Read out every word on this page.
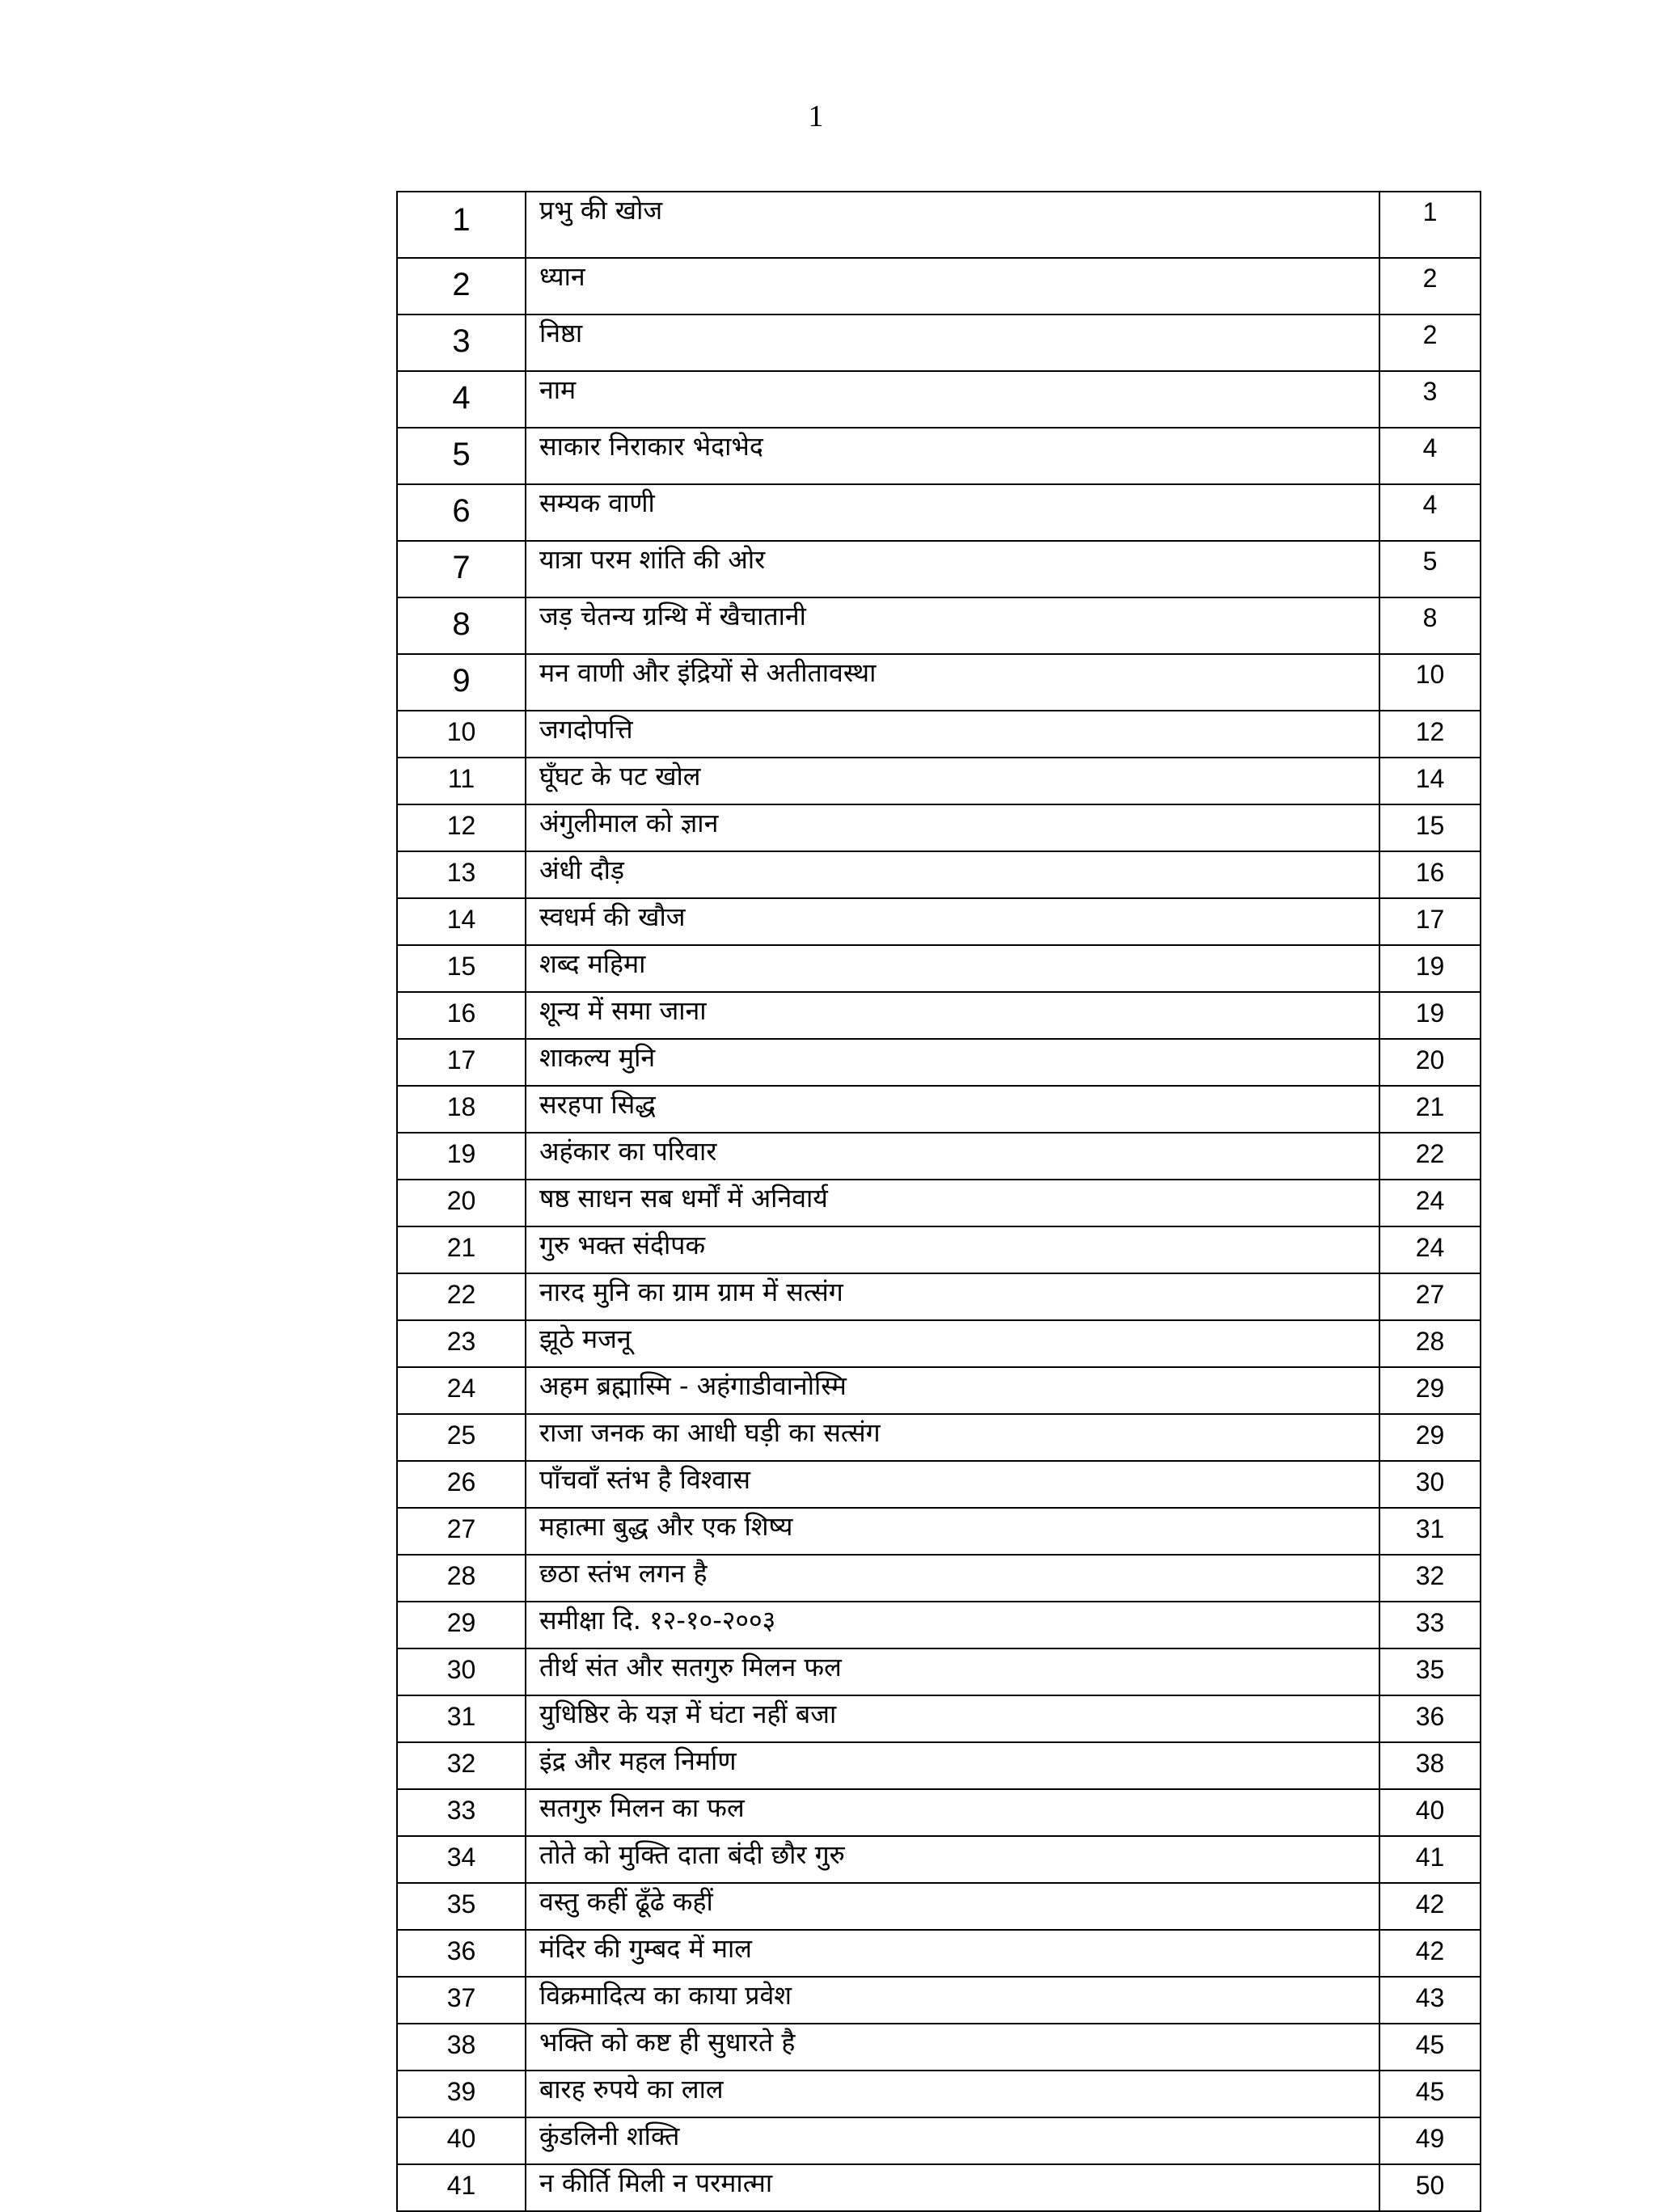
1
1	प्रभु की खोज	1
2	ध्यान	2
3	निष्ठा	2
4	नाम	3
5	साकार निराकार भेदाभेद	4
6	सम्यक वाणी	4
7	यात्रा परम शांति की ओर	5
8	जड़ चेतन्य ग्रन्थि में खैचातानी	8
9	मन वाणी और इंद्रियों से अतीतावस्था	10
10	जगदोपत्ति	12
11	घूँघट के पट खोल	14
12	अंगुलीमाल को ज्ञान	15
13	अंधी दौड़	16
14	स्वधर्म की खौज	17
15	शब्द महिमा	19
16	शून्य में समा जाना	19
17	शाकल्य मुनि	20
18	सरहपा सिद्ध	21
19	अहंकार का परिवार	22
20	षष्ठ साधन सब धर्मों में अनिवार्य	24
21	गुरु भक्त संदीपक	24
22	नारद मुनि का ग्राम ग्राम में सत्संग	27
23	झूठे मजनू	28
24	अहम ब्रह्मास्मि - अहंगाडीवानोस्मि	29
25	राजा जनक का आधी घड़ी का सत्संग	29
26	पाँचवाँ स्तंभ है विश्वास	30
27	महात्मा बुद्ध और एक शिष्य	31
28	छठा स्तंभ लगन है	32
29	समीक्षा दि. १२-१०-२००३	33
30	तीर्थ संत और सतगुरु मिलन फल	35
31	युधिष्ठिर के यज्ञ में घंटा नहीं बजा	36
32	इंद्र और महल निर्माण	38
33	सतगुरु मिलन का फल	40
34	तोते को मुक्ति दाता बंदी छौर गुरु	41
35	वस्तु कहीं ढूँढे कहीं	42
36	मंदिर की गुम्बद में माल	42
37	विक्रमादित्य का काया प्रवेश	43
38	भक्ति को कष्ट ही सुधारते है	45
39	बारह रुपये का लाल	45
40	कुंडलिनी शक्ति	49
41	न कीर्ति मिली न परमात्मा	50
